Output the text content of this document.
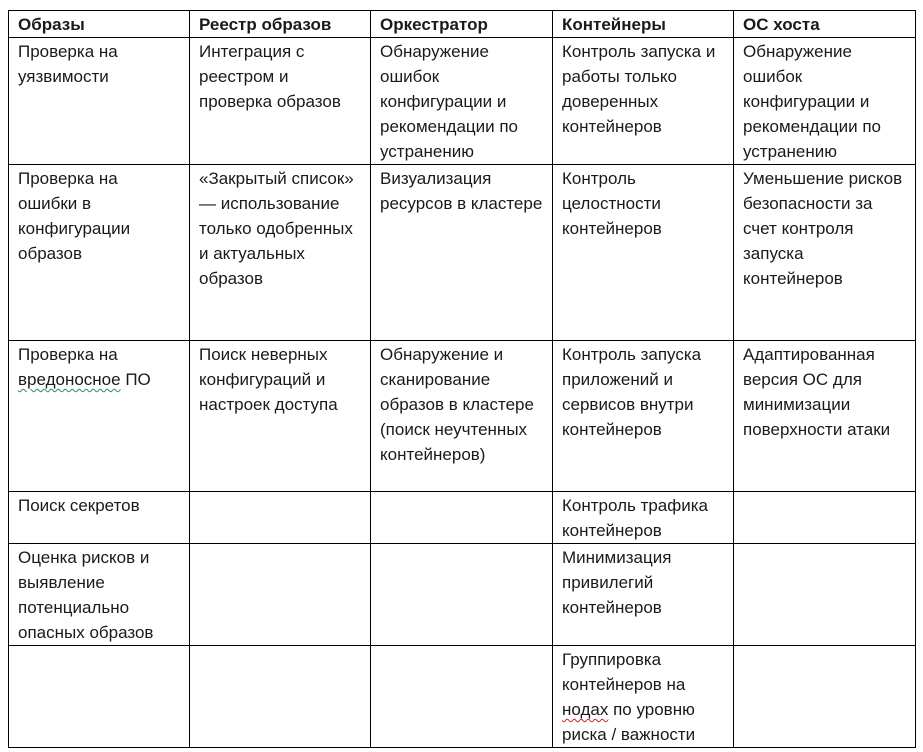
Образы	Реестр образов	Оркестратор	Контейнеры	ОС хоста
Проверка на уязвимости	Интеграция с реестром и проверка образов	Обнаружение ошибок конфигурации и рекомендации по устранению	Контроль запуска и работы только доверенных контейнеров	Обнаружение ошибок конфигурации и рекомендации по устранению
Проверка на ошибки в конфигурации образов	«Закрытый список» — использование только одобренных и актуальных образов	Визуализация ресурсов в кластере	Контроль целостности контейнеров	Уменьшение рисков безопасности за счет контроля запуска контейнеров
Проверка на вредоносное ПО	Поиск неверных конфигураций и настроек доступа	Обнаружение и сканирование образов в кластере (поиск неучтенных контейнеров)	Контроль запуска приложений и сервисов внутри контейнеров	Адаптированная версия ОС для минимизации поверхности атаки
Поиск секретов			Контроль трафика контейнеров	
Оценка рисков и выявление потенциально опасных образов			Минимизация привилегий контейнеров	
			Группировка контейнеров на нодах по уровню риска / важности	
